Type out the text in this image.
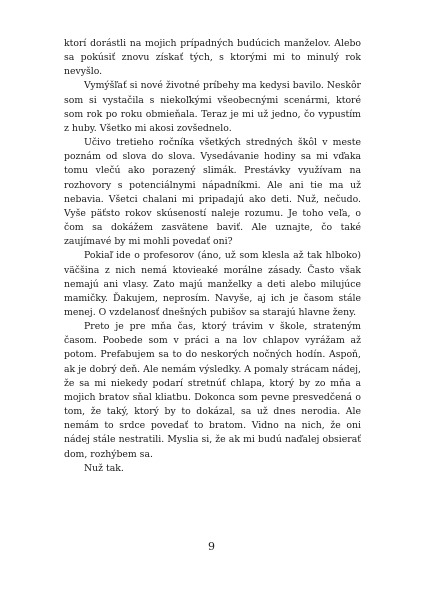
ktorí dorástli na mojich prípadných budúcich manželov. Alebo sa pokúsiť znovu získať tých, s ktorými mi to minulý rok nevyšlo.

Vymýšľať si nové životné príbehy ma kedysi bavilo. Neskôr som si vystačila s niekoľkými všeobecnými scenármi, ktoré som rok po roku obmieňala. Teraz je mi už jedno, čo vypustím z huby. Všetko mi akosi zovšednelo.

Učivo tretieho ročníka všetkých stredných škôl v meste poznám od slova do slova. Vysedávanie hodiny sa mi vďaka tomu vlečú ako porazený slimák. Prestávky využívam na rozhovory s potenciálnymi nápadníkmi. Ale ani tie ma už nebavia. Všetci chalani mi pripadajú ako deti. Nuž, nečudo. Vyše päťsto rokov skúseností naleje rozumu. Je toho veľa, o čom sa dokážem zasvätene baviť. Ale uznajte, čo také zaujímavé by mi mohli povedať oni?

Pokiaľ ide o profesorov (áno, už som klesla až tak hlboko) väčšina z nich nemá ktovieaké morálne zásady. Často však nemajú ani vlasy. Zato majú manželky a deti alebo milujúce mamičky. Ďakujem, neprosím. Navyše, aj ich je časom stále menej. O vzdelanosť dnešných pubišov sa starajú hlavne ženy.

Preto je pre mňa čas, ktorý trávim v škole, strateným časom. Poobede som v práci a na lov chlapov vyrážam až potom. Prefabujem sa to do neskorých nočných hodín. Aspoň, ak je dobrý deň. Ale nemám výsledky. A pomaly strácam nádej, že sa mi niekedy podarí stretnúť chlapa, ktorý by zo mňa a mojich bratov sňal kliatbu. Dokonca som pevne presvedčená o tom, že taký, ktorý by to dokázal, sa už dnes nerodia. Ale nemám to srdce povedať to bratom. Vidno na nich, že oni nádej stále nestratili. Myslia si, že ak mi budú naďalej obsierať dom, rozhýbem sa.

Nuž tak.

9
